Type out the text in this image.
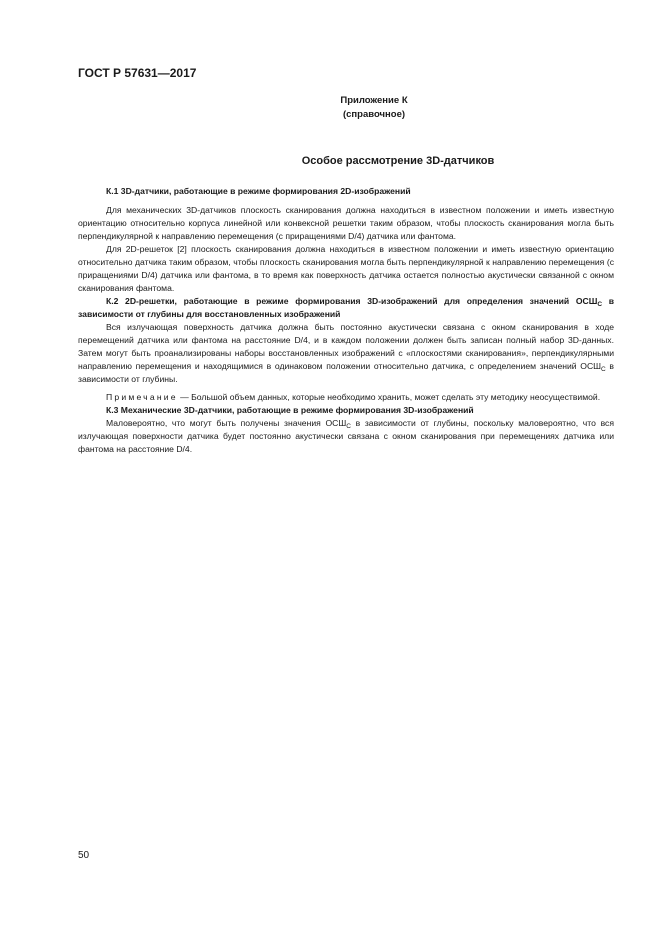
ГОСТ Р 57631—2017
Приложение К
(справочное)
Особое рассмотрение 3D-датчиков
К.1 3D-датчики, работающие в режиме формирования 2D-изображений

Для механических 3D-датчиков плоскость сканирования должна находиться в известном положении и иметь известную ориентацию относительно корпуса линейной или конвексной решетки таким образом, чтобы плоскость сканирования могла быть перпендикулярной к направлению перемещения (с приращениями D/4) датчика или фантома.

Для 2D-решеток [2] плоскость сканирования должна находиться в известном положении и иметь известную ориентацию относительно датчика таким образом, чтобы плоскость сканирования могла быть перпендикулярной к направлению перемещения (с приращениями D/4) датчика или фантома, в то время как поверхность датчика остается полностью акустически связанной с окном сканирования фантома.

К.2 2D-решетки, работающие в режиме формирования 3D-изображений для определения значений $ОСШ_С$ в зависимости от глубины для восстановленных изображений

Вся излучающая поверхность датчика должна быть постоянно акустически связана с окном сканирования в ходе перемещений датчика или фантома на расстояние D/4, и в каждом положении должен быть записан полный набор 3D-данных. Затем могут быть проанализированы наборы восстановленных изображений с «плоскостями сканирования», перпендикулярными направлению перемещения и находящимися в одинаковом положении относительно датчика, с определением значений $ОСШ_С$ в зависимости от глубины.

Примечание — Большой объем данных, которые необходимо хранить, может сделать эту методику неосуществимой.

К.3 Механические 3D-датчики, работающие в режиме формирования 3D-изображений

Маловероятно, что могут быть получены значения $ОСШ_С$ в зависимости от глубины, поскольку маловероятно, что вся излучающая поверхности датчика будет постоянно акустически связана с окном сканирования при перемещениях датчика или фантома на расстояние D/4.

50
